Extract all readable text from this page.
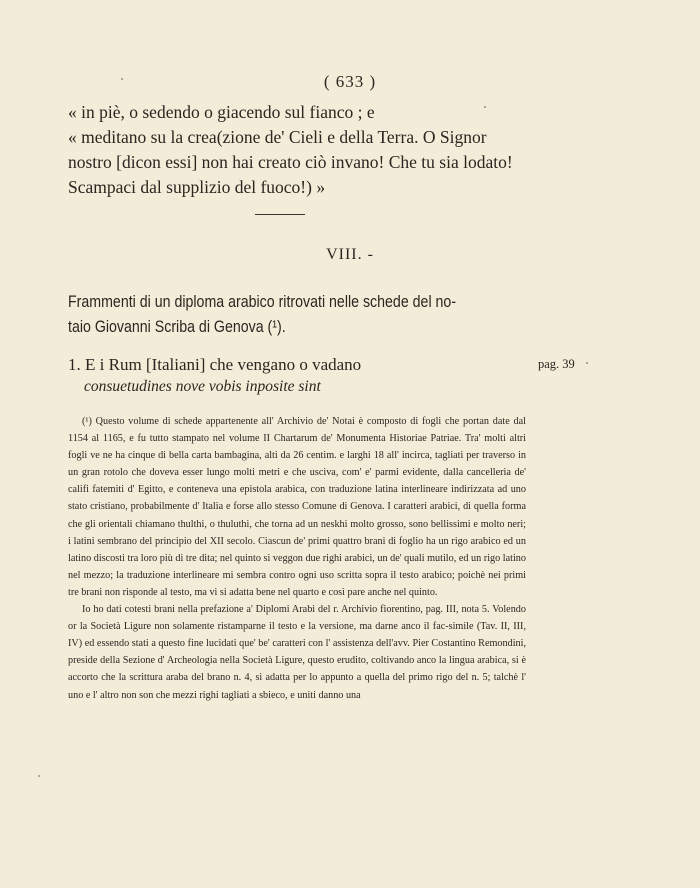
( 633 )

« in piè, o sedendo o giacendo sul fianco ; e

« meditano su la crea(zione de' Cieli e della Terra. O Signor

nostro [dicon essi] non hai creato ciò invano! Che tu sia lodato!

Scampaci dal supplizio del fuoco!) »

VIII. -

Frammenti di un diploma arabico ritrovati nelle schede del no-

taio Giovanni Scriba di Genova (¹).

1. E i Rum [Italiani] che vengano o vadano
consuetudines nove vobis inposite sint
pag. 39

(¹) Questo volume di schede appartenente all' Archivio de' Notai è composto di fogli che portan date dal 1154 al 1165, e fu tutto stampato nel volume II Chartarum de' Monumenta Historiae Patriae. Tra' molti altri fogli ve ne ha cinque di bella carta bambagina, alti da 26 centim. e larghi 18 all' incirca, tagliati per traverso in un gran rotolo che doveva esser lungo molti metri e che usciva, com' e' parmi evidente, dalla cancelleria de' califi fatemiti d' Egitto, e conteneva una epistola arabica, con traduzione latina interlineare indirizzata ad uno stato cristiano, probabilmente d' Italia e forse allo stesso Comune di Genova. I caratteri arabici, di quella forma che gli orientali chiamano thulthi, o thuluthi, che torna ad un neskhi molto grosso, sono bellissimi e molto neri; i latini sembrano del principio del XII secolo. Ciascun de' primi quattro brani di foglio ha un rigo arabico ed un latino discosti tra loro più di tre dita; nel quinto si veggon due righi arabici, un de' quali mutilo, ed un rigo latino nel mezzo; la traduzione interlineare mi sembra contro ogni uso scritta sopra il testo arabico; poichè nei primi tre brani non risponde al testo, ma vi si adatta bene nel quarto e così pare anche nel quinto.

Io ho dati cotesti brani nella prefazione a' Diplomi Arabi del r. Archivio fiorentino, pag. III, nota 5. Volendo or la Società Ligure non solamente ristamparne il testo e la versione, ma darne anco il fac-simile (Tav. II, III, IV) ed essendo stati a questo fine lucidati que' be' caratteri con l' assistenza dell'avv. Pier Costantino Remondini, preside della Sezione d' Archeologia nella Società Ligure, questo erudito, coltivando anco la lingua arabica, si è accorto che la scrittura araba del brano n. 4, si adatta per lo appunto a quella del primo rigo del n. 5; talchè l' uno e l' altro non son che mezzi righi tagliati a sbieco, e uniti danno una
